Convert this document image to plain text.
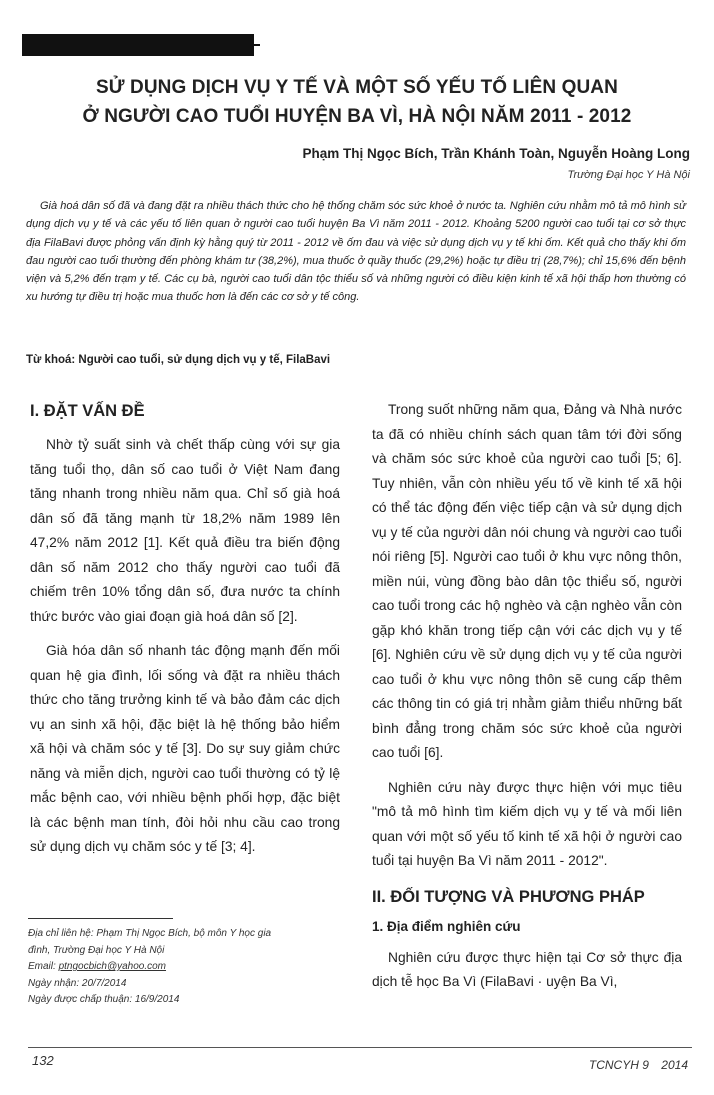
SỬ DỤNG DỊCH VỤ Y TẾ VÀ MỘT SỐ YẾU TỐ LIÊN QUAN
Ở NGƯỜI CAO TUỔI HUYỆN BA VÌ, HÀ NỘI NĂM 2011 - 2012
Phạm Thị Ngọc Bích, Trần Khánh Toàn, Nguyễn Hoàng Long
Trường Đại học Y Hà Nội

Già hoá dân số đã và đang đặt ra nhiều thách thức cho hệ thống chăm sóc sức khoẻ ở nước ta. Nghiên cứu nhằm mô tả mô hình sử dụng dịch vụ y tế và các yếu tố liên quan ở người cao tuổi huyện Ba Vì năm 2011 - 2012. Khoảng 5200 người cao tuổi tại cơ sở thực địa FilaBavi được phỏng vấn định kỳ hằng quý từ 2011 - 2012 về ốm đau và việc sử dụng dịch vụ y tế khi ốm. Kết quả cho thấy khi ốm đau người cao tuổi thường đến phòng khám tư (38,2%), mua thuốc ở quầy thuốc (29,2%) hoặc tự điều trị (28,7%); chỉ 15,6% đến bệnh viện và 5,2% đến trạm y tế. Các cụ bà, người cao tuổi dân tộc thiểu số và những người có điều kiện kinh tế xã hội thấp hơn thường có xu hướng tự điều trị hoặc mua thuốc hơn là đến các cơ sở y tế công.

Từ khoá: Người cao tuổi, sử dụng dịch vụ y tế, FilaBavi

I. ĐẶT VẤN ĐỀ

Nhờ tỷ suất sinh và chết thấp cùng với sự gia tăng tuổi thọ, dân số cao tuổi ở Việt Nam đang tăng nhanh trong nhiều năm qua. Chỉ số già hoá dân số đã tăng mạnh từ 18,2% năm 1989 lên 47,2% năm 2012 [1]. Kết quả điều tra biến động dân số năm 2012 cho thấy người cao tuổi đã chiếm trên 10% tổng dân số, đưa nước ta chính thức bước vào giai đoạn già hoá dân số [2].

Già hóa dân số nhanh tác động mạnh đến mối quan hệ gia đình, lối sống và đặt ra nhiều thách thức cho tăng trưởng kinh tế và bảo đảm các dịch vụ an sinh xã hội, đặc biệt là hệ thống bảo hiểm xã hội và chăm sóc y tế [3]. Do sự suy giảm chức năng và miễn dịch, người cao tuổi thường có tỷ lệ mắc bệnh cao, với nhiều bệnh phối hợp, đặc biệt là các bệnh man tính, đòi hỏi nhu cầu cao trong sử dụng dịch vụ chăm sóc y tế [3; 4].

Trong suốt những năm qua, Đảng và Nhà nước ta đã có nhiều chính sách quan tâm tới đời sống và chăm sóc sức khoẻ của người cao tuổi [5; 6]. Tuy nhiên, vẫn còn nhiều yếu tố về kinh tế xã hội có thể tác động đến việc tiếp cận và sử dụng dịch vụ y tế của người dân nói chung và người cao tuổi nói riêng [5]. Người cao tuổi ở khu vực nông thôn, miền núi, vùng đồng bào dân tộc thiểu số, người cao tuổi trong các hộ nghèo và cận nghèo vẫn còn gặp khó khăn trong tiếp cận với các dịch vụ y tế [6]. Nghiên cứu về sử dụng dịch vụ y tế của người cao tuổi ở khu vực nông thôn sẽ cung cấp thêm các thông tin có giá trị nhằm giảm thiểu những bất bình đẳng trong chăm sóc sức khoẻ của người cao tuổi [6].

Nghiên cứu này được thực hiện với mục tiêu "mô tả mô hình tìm kiếm dịch vụ y tế và mối liên quan với một số yếu tố kinh tế xã hội ở người cao tuổi tại huyện Ba Vì năm 2011 - 2012".

II. ĐỐI TƯỢNG VÀ PHƯƠNG PHÁP
1. Địa điểm nghiên cứu

Nghiên cứu được thực hiện tại Cơ sở thực địa dịch tễ học Ba Vì (FilaBavi · uyện Ba Vì,

Địa chỉ liên hệ: Phạm Thị Ngọc Bích, bộ môn Y học gia
đình, Trường Đại học Y Hà Nội
Email: ptngocbich@yahoo.com
Ngày nhận: 20/7/2014
Ngày được chấp thuận: 16/9/2014
132	TCNCYH 9    2014
